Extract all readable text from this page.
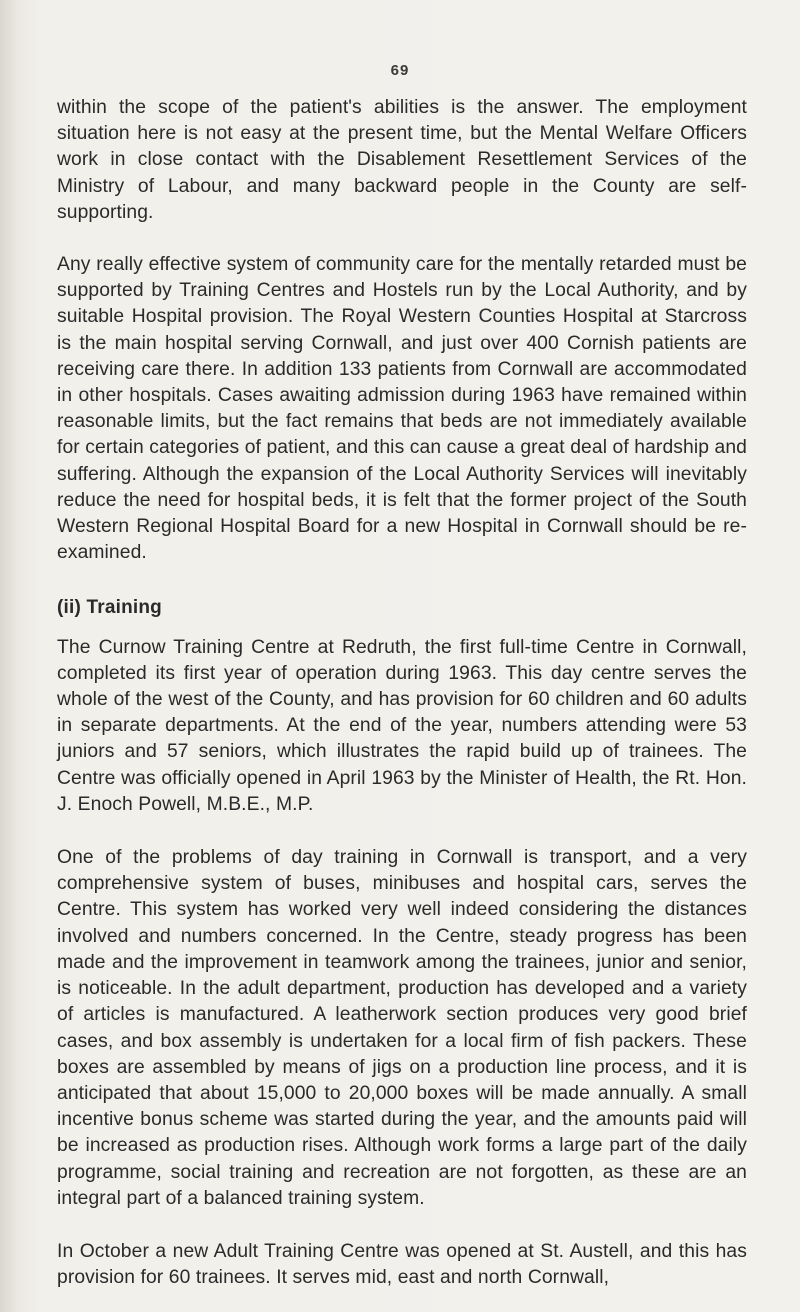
69

within the scope of the patient's abilities is the answer. The employment situation here is not easy at the present time, but the Mental Welfare Officers work in close contact with the Disablement Resettlement Services of the Ministry of Labour, and many backward people in the County are self-supporting.

Any really effective system of community care for the mentally retarded must be supported by Training Centres and Hostels run by the Local Authority, and by suitable Hospital provision. The Royal Western Counties Hospital at Starcross is the main hospital serving Cornwall, and just over 400 Cornish patients are receiving care there. In addition 133 patients from Cornwall are accommodated in other hospitals. Cases awaiting admission during 1963 have remained within reasonable limits, but the fact remains that beds are not immediately available for certain categories of patient, and this can cause a great deal of hardship and suffering. Although the expansion of the Local Authority Services will inevitably reduce the need for hospital beds, it is felt that the former project of the South Western Regional Hospital Board for a new Hospital in Cornwall should be re-examined.

(ii) Training

The Curnow Training Centre at Redruth, the first full-time Centre in Cornwall, completed its first year of operation during 1963. This day centre serves the whole of the west of the County, and has provision for 60 children and 60 adults in separate departments. At the end of the year, numbers attending were 53 juniors and 57 seniors, which illustrates the rapid build up of trainees. The Centre was officially opened in April 1963 by the Minister of Health, the Rt. Hon. J. Enoch Powell, M.B.E., M.P.

One of the problems of day training in Cornwall is transport, and a very comprehensive system of buses, minibuses and hospital cars, serves the Centre. This system has worked very well indeed considering the distances involved and numbers concerned. In the Centre, steady progress has been made and the improvement in teamwork among the trainees, junior and senior, is noticeable. In the adult department, production has developed and a variety of articles is manufactured. A leatherwork section produces very good brief cases, and box assembly is undertaken for a local firm of fish packers. These boxes are assembled by means of jigs on a production line process, and it is anticipated that about 15,000 to 20,000 boxes will be made annually. A small incentive bonus scheme was started during the year, and the amounts paid will be increased as production rises. Although work forms a large part of the daily programme, social training and recreation are not forgotten, as these are an integral part of a balanced training system.

In October a new Adult Training Centre was opened at St. Austell, and this has provision for 60 trainees. It serves mid, east and north Cornwall,
